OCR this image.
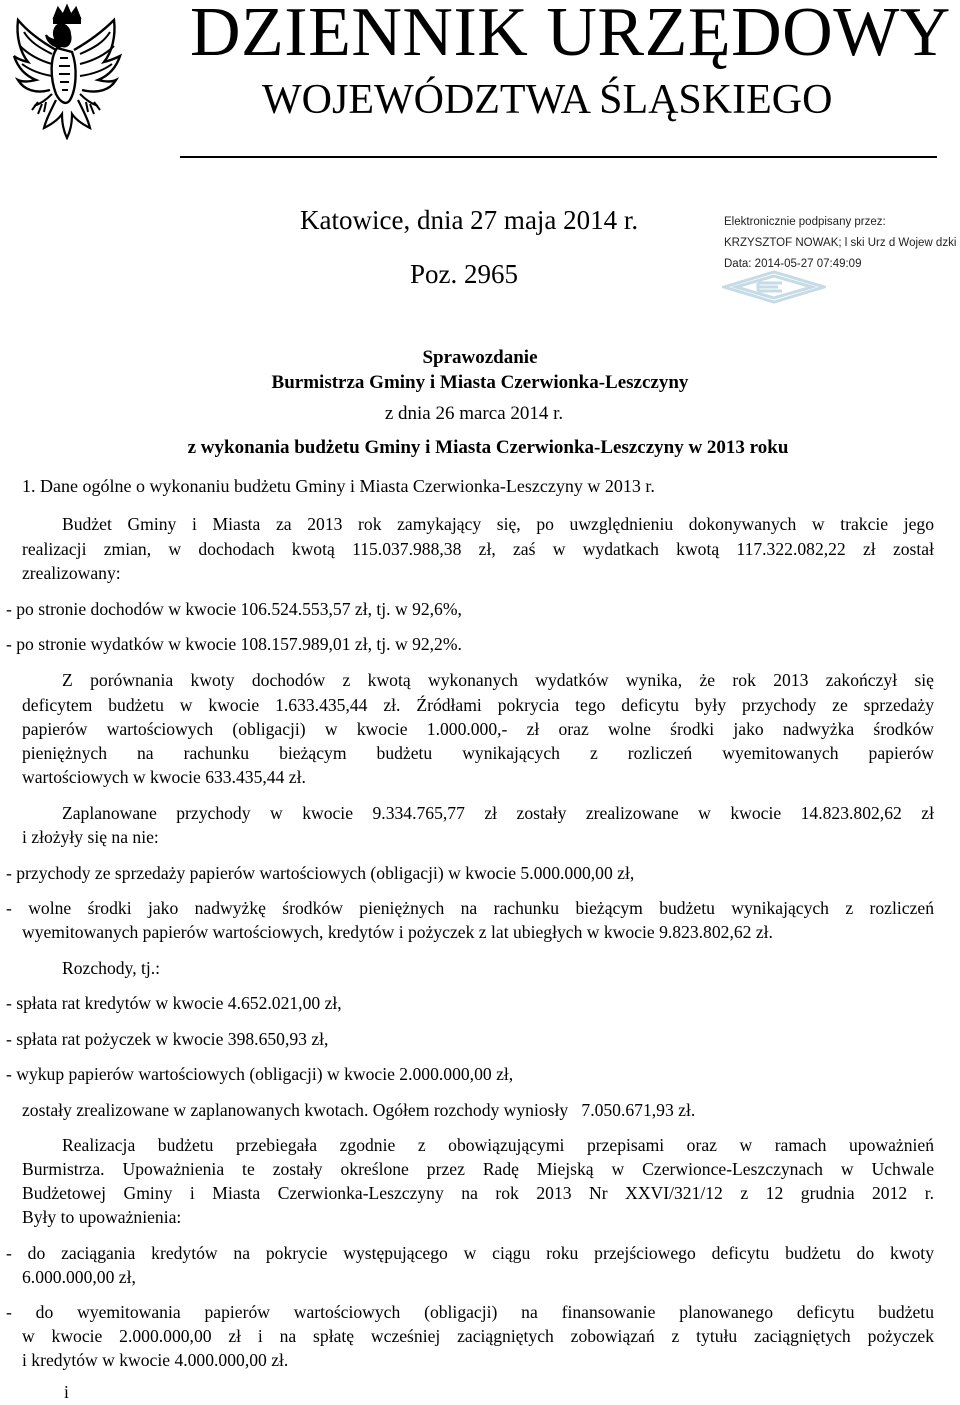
DZIENNIK URZĘDOWY
WOJEWÓDZTWA ŚLĄSKIEGO
Katowice, dnia 27 maja 2014 r.
Poz. 2965
Elektronicznie podpisany przez:
KRZYSZTOF NOWAK; l ski Urz d Wojew dzki
Data: 2014-05-27 07:49:09
Sprawozdanie
Burmistrza Gminy i Miasta Czerwionka-Leszczyny
z dnia 26 marca 2014 r.
z wykonania budżetu Gminy i Miasta Czerwionka-Leszczyny w 2013 roku
1. Dane ogólne o wykonaniu budżetu Gminy i Miasta Czerwionka-Leszczyny w 2013 r.
Budżet Gminy i Miasta za 2013 rok zamykający się, po uwzględnieniu dokonywanych w trakcie jego
realizacji zmian, w dochodach kwotą 115.037.988,38 zł, zaś w wydatkach kwotą 117.322.082,22 zł został
zrealizowany:
- po stronie dochodów w kwocie 106.524.553,57 zł, tj. w 92,6%,
- po stronie wydatków w kwocie 108.157.989,01 zł, tj. w 92,2%.
Z porównania kwoty dochodów z kwotą wykonanych wydatków wynika, że rok 2013 zakończył się
deficytem budżetu w kwocie 1.633.435,44 zł. Źródłami pokrycia tego deficytu były przychody ze sprzedaży
papierów wartościowych (obligacji) w kwocie 1.000.000,- zł oraz wolne środki jako nadwyżka środków
pieniężnych na rachunku bieżącym budżetu wynikających z rozliczeń wyemitowanych papierów
wartościowych w kwocie 633.435,44 zł.
Zaplanowane przychody w kwocie 9.334.765,77 zł zostały zrealizowane w kwocie 14.823.802,62 zł
i złożyły się na nie:
- przychody ze sprzedaży papierów wartościowych (obligacji) w kwocie 5.000.000,00 zł,
- wolne środki jako nadwyżkę środków pieniężnych na rachunku bieżącym budżetu wynikających z rozliczeń
wyemitowanych papierów wartościowych, kredytów i pożyczek z lat ubiegłych w kwocie 9.823.802,62 zł.
Rozchody, tj.:
- spłata rat kredytów w kwocie 4.652.021,00 zł,
- spłata rat pożyczek w kwocie 398.650,93 zł,
- wykup papierów wartościowych (obligacji) w kwocie 2.000.000,00 zł,
zostały zrealizowane w zaplanowanych kwotach. Ogółem rozchody wyniosły   7.050.671,93 zł.
Realizacja budżetu przebiegała zgodnie z obowiązującymi przepisami oraz w ramach upoważnień
Burmistrza. Upoważnienia te zostały określone przez Radę Miejską w Czerwionce-Leszczynach w Uchwale
Budżetowej Gminy i Miasta Czerwionka-Leszczyny na rok 2013 Nr XXVI/321/12 z 12 grudnia 2012 r.
Były to upoważnienia:
- do zaciągania kredytów na pokrycie występującego w ciągu roku przejściowego deficytu budżetu do kwoty
6.000.000,00 zł,
- do wyemitowania papierów wartościowych (obligacji) na finansowanie planowanego deficytu budżetu
w kwocie 2.000.000,00 zł i na spłatę wcześniej zaciągniętych zobowiązań z tytułu zaciągniętych pożyczek
i kredytów w kwocie 4.000.000,00 zł.
i
